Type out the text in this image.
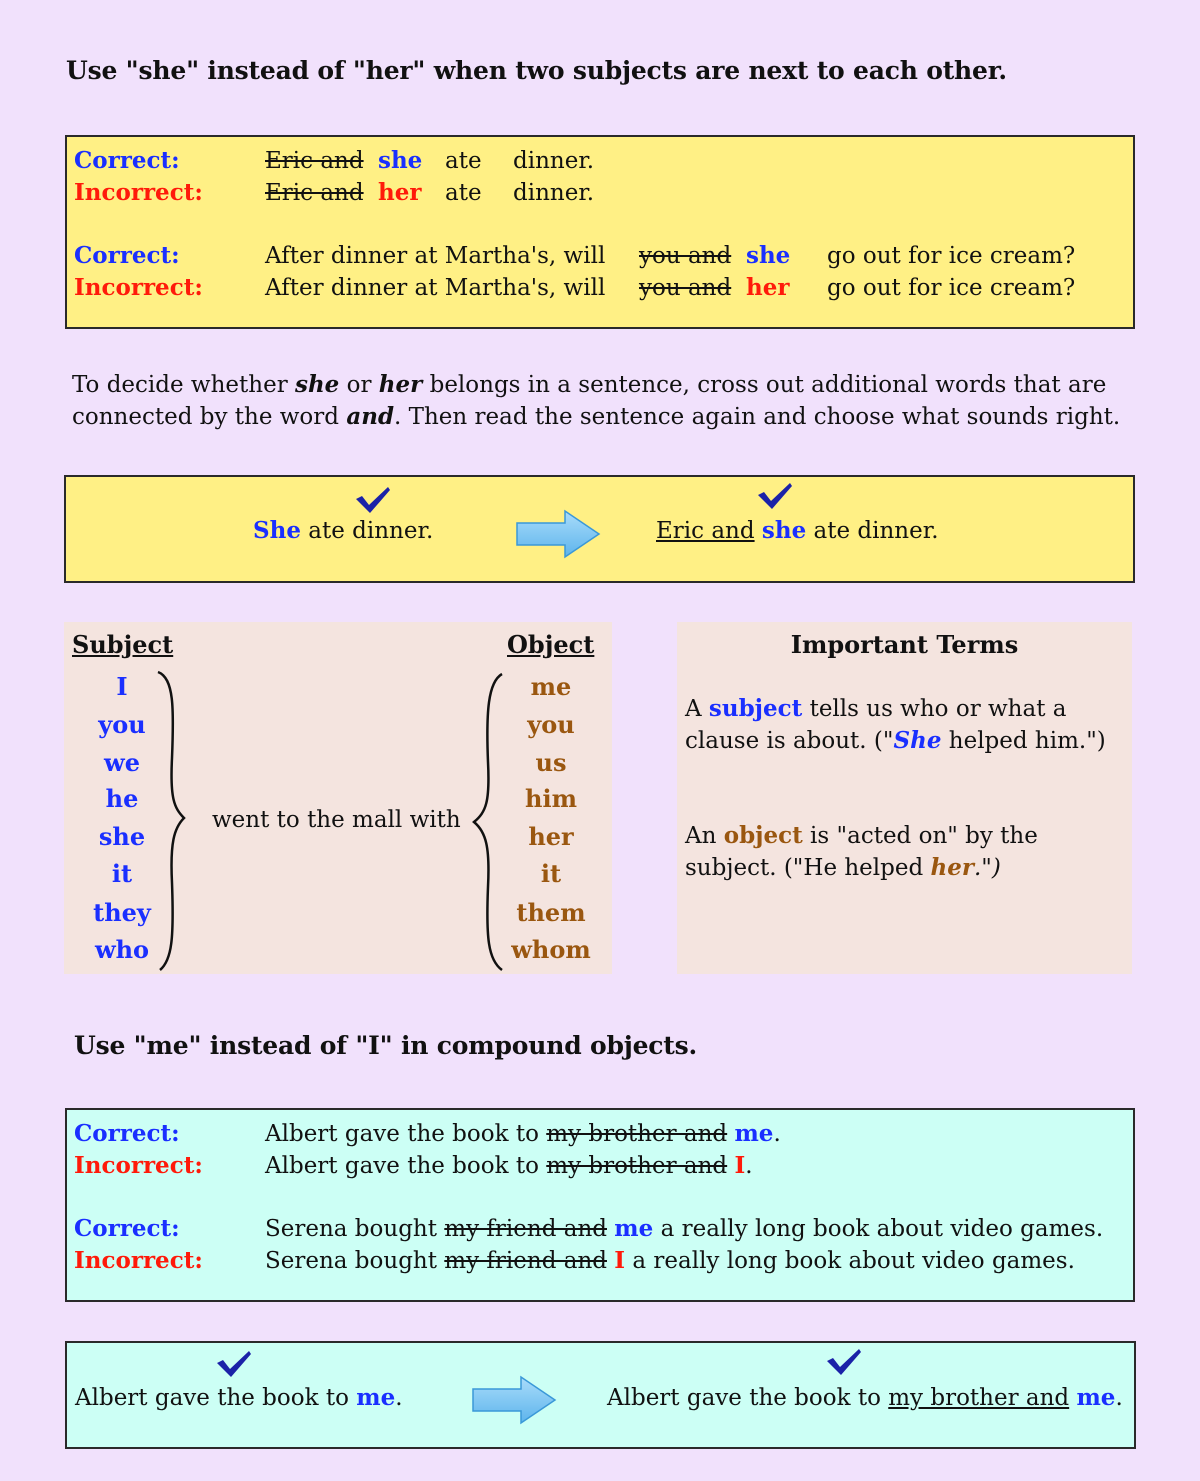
Use "she" instead of "her" when two subjects are next to each other.
Correct:	Eric and she ate dinner.
Incorrect:	Eric and her ate dinner.
Correct:	After dinner at Martha's, will you and she go out for ice cream?
Incorrect:	After dinner at Martha's, will you and her go out for ice cream?
To decide whether she or her belongs in a sentence, cross out additional words that are
connected by the word and. Then read the sentence again and choose what sounds right.
She ate dinner.	Eric and she ate dinner.
Subject	Object
I
you
we
he
she
it
they
who
went to the mall with
me
you
us
him
her
it
them
whom
Important Terms
A subject tells us who or what a
clause is about. ("She helped him.")
An object is "acted on" by the
subject. ("He helped her.")
Use "me" instead of "I" in compound objects.
Correct:	Albert gave the book to my brother and me.
Incorrect:	Albert gave the book to my brother and I.
Correct:	Serena bought my friend and me a really long book about video games.
Incorrect:	Serena bought my friend and I a really long book about video games.
Albert gave the book to me.	Albert gave the book to my brother and me.
